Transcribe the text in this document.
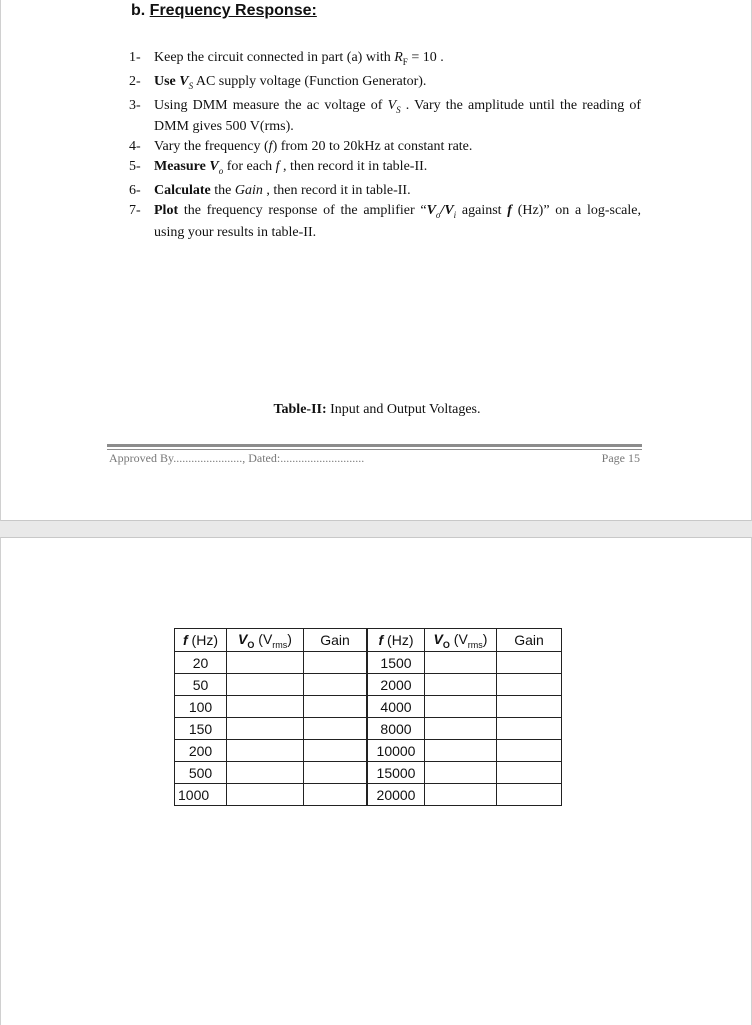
b. Frequency Response:
1- Keep the circuit connected in part (a) with $R_F = 10$ .
2- Use $V_S$ AC supply voltage (Function Generator).
3- Using DMM measure the ac voltage of $V_S$ . Vary the amplitude until the reading of DMM gives 500 V(rms).
4- Vary the frequency (f) from 20 to 20kHz at constant rate.
5- Measure $V_o$ for each f , then record it in table-II.
6- Calculate the Gain , then record it in table-II.
7- Plot the frequency response of the amplifier “$V_o/V_i$ against f (Hz)” on a log-scale, using your results in table-II.
Table-II: Input and Output Voltages.
Approved By......................., Dated:............................	Page 15
f (Hz)	$V_O$ $(V_{rms})$	Gain	f (Hz)	$V_O$ $(V_{rms})$	Gain
20			1500		
50			2000		
100			4000		
150			8000		
200			10000		
500			15000		
1000			20000		
